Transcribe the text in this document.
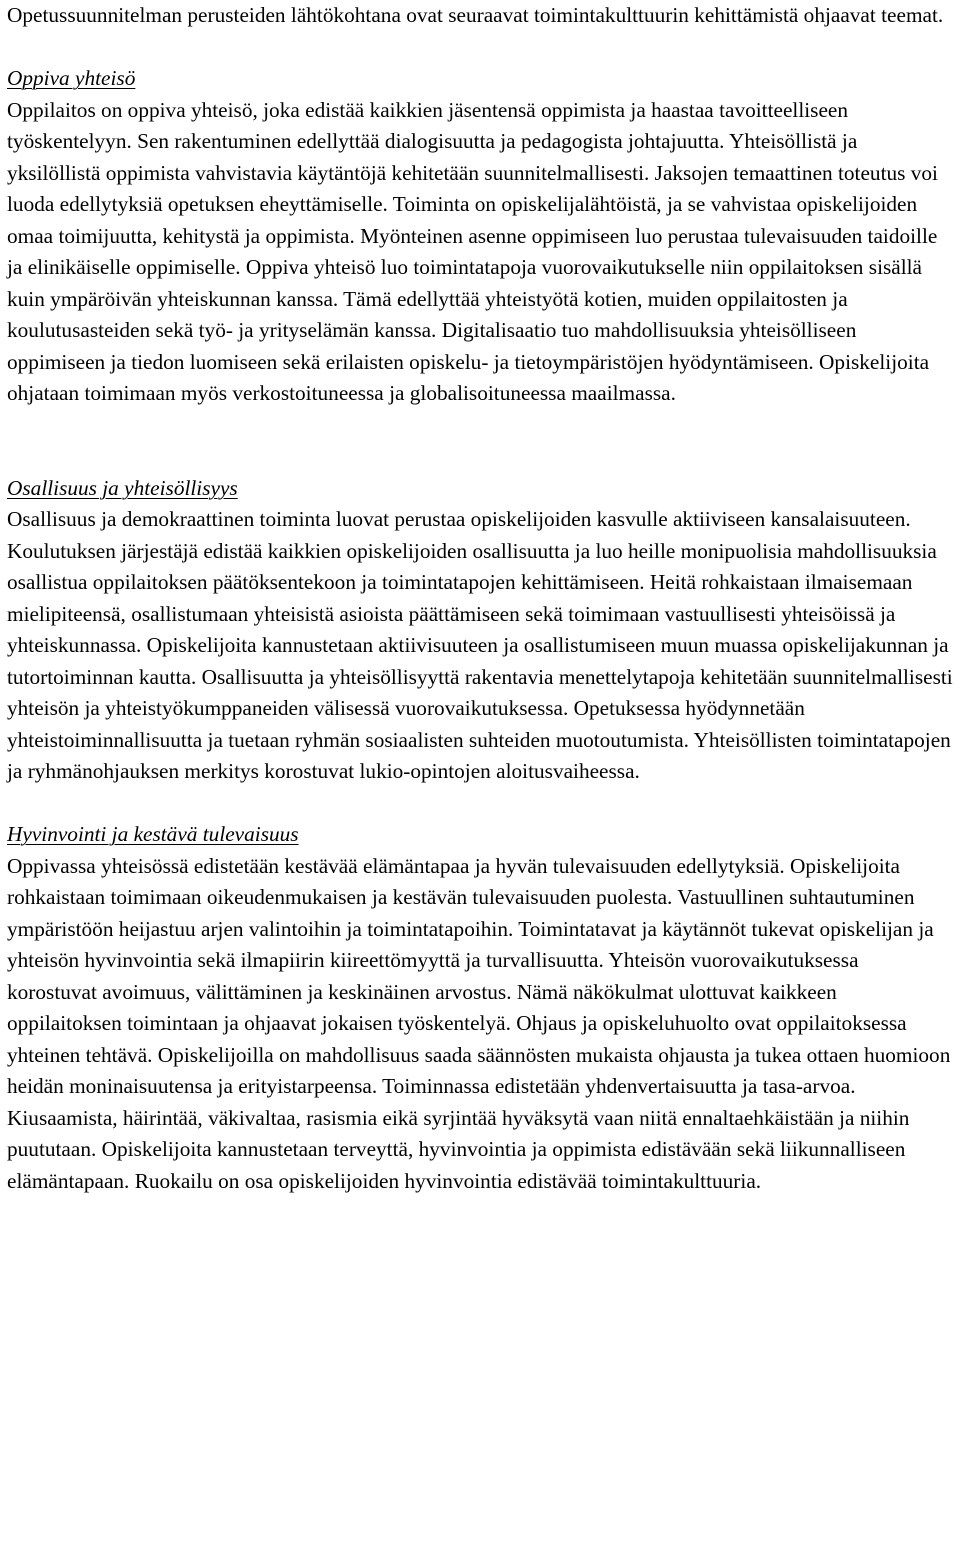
Opetussuunnitelman perusteiden lähtökohtana ovat seuraavat toimintakulttuurin kehittämistä ohjaavat teemat.

Oppiva yhteisö

Oppilaitos on oppiva yhteisö, joka edistää kaikkien jäsentensä oppimista ja haastaa tavoitteelliseen työskentelyyn. Sen rakentuminen edellyttää dialogisuutta ja pedagogista johtajuutta. Yhteisöllistä ja yksilöllistä oppimista vahvistavia käytäntöjä kehitetään suunnitelmallisesti. Jaksojen temaattinen toteutus voi luoda edellytyksiä opetuksen eheyttämiselle. Toiminta on opiskelijalähtöistä, ja se vahvistaa opiskelijoiden omaa toimijuutta, kehitystä ja oppimista. Myönteinen asenne oppimiseen luo perustaa tulevaisuuden taidoille ja elinikäiselle oppimiselle. Oppiva yhteisö luo toimintatapoja vuorovaikutukselle niin oppilaitoksen sisällä kuin ympäröivän yhteiskunnan kanssa. Tämä edellyttää yhteistyötä kotien, muiden oppilaitosten ja koulutusasteiden sekä työ- ja yrityselämän kanssa. Digitalisaatio tuo mahdollisuuksia yhteisölliseen oppimiseen ja tiedon luomiseen sekä erilaisten opiskelu- ja tietoympäristöjen hyödyntämiseen. Opiskelijoita ohjataan toimimaan myös verkostoituneessa ja globalisoituneessa maailmassa.

Osallisuus ja yhteisöllisyys

Osallisuus ja demokraattinen toiminta luovat perustaa opiskelijoiden kasvulle aktiiviseen kansalaisuuteen. Koulutuksen järjestäjä edistää kaikkien opiskelijoiden osallisuutta ja luo heille monipuolisia mahdollisuuksia osallistua oppilaitoksen päätöksentekoon ja toimintatapojen kehittämiseen. Heitä rohkaistaan ilmaisemaan mielipiteensä, osallistumaan yhteisistä asioista päättämiseen sekä toimimaan vastuullisesti yhteisöissä ja yhteiskunnassa. Opiskelijoita kannustetaan aktiivisuuteen ja osallistumiseen muun muassa opiskelijakunnan ja tutortoiminnan kautta. Osallisuutta ja yhteisöllisyyttä rakentavia menettelytapoja kehitetään suunnitelmallisesti yhteisön ja yhteistyökumppaneiden välisessä vuorovaikutuksessa. Opetuksessa hyödynnetään yhteistoiminnallisuutta ja tuetaan ryhmän sosiaalisten suhteiden muotoutumista. Yhteisöllisten toimintatapojen ja ryhmänohjauksen merkitys korostuvat lukio-opintojen aloitusvaiheessa.

Hyvinvointi ja kestävä tulevaisuus

Oppivassa yhteisössä edistetään kestävää elämäntapaa ja hyvän tulevaisuuden edellytyksiä. Opiskelijoita rohkaistaan toimimaan oikeudenmukaisen ja kestävän tulevaisuuden puolesta. Vastuullinen suhtautuminen ympäristöön heijastuu arjen valintoihin ja toimintatapoihin. Toimintatavat ja käytännöt tukevat opiskelijan ja yhteisön hyvinvointia sekä ilmapiirin kiireettömyyttä ja turvallisuutta. Yhteisön vuorovaikutuksessa korostuvat avoimuus, välittäminen ja keskinäinen arvostus. Nämä näkökulmat ulottuvat kaikkeen oppilaitoksen toimintaan ja ohjaavat jokaisen työskentelyä. Ohjaus ja opiskeluhuolto ovat oppilaitoksessa yhteinen tehtävä. Opiskelijoilla on mahdollisuus saada säännösten mukaista ohjausta ja tukea ottaen huomioon heidän moninaisuutensa ja erityistarpeensa. Toiminnassa edistetään yhdenvertaisuutta ja tasa-arvoa. Kiusaamista, häirintää, väkivaltaa, rasismia eikä syrjintää hyväksytä vaan niitä ennaltaehkäistään ja niihin puututaan. Opiskelijoita kannustetaan terveyttä, hyvinvointia ja oppimista edistävään sekä liikunnalliseen elämäntapaan. Ruokailu on osa opiskelijoiden hyvinvointia edistävää toimintakulttuuria.
